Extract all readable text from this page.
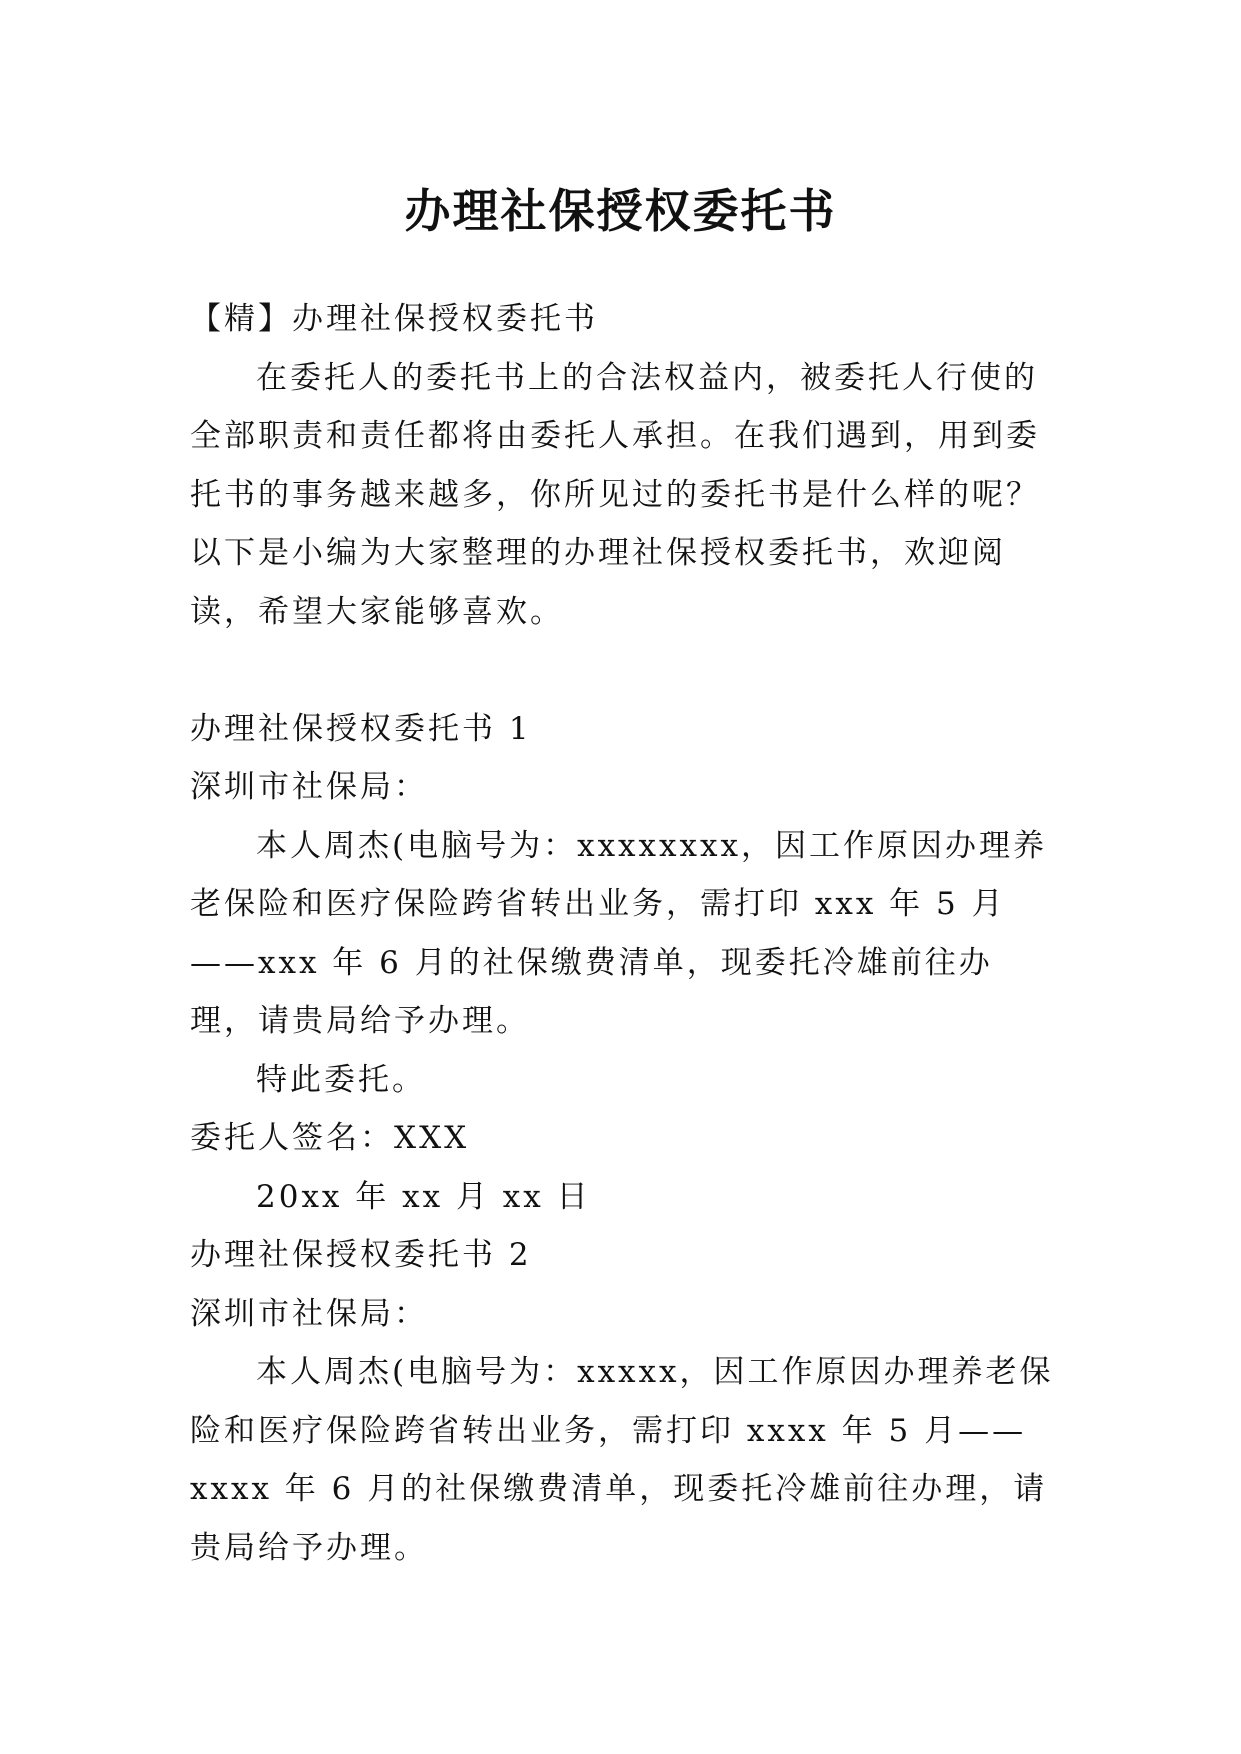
办理社保授权委托书

【精】办理社保授权委托书

在委托人的委托书上的合法权益内，被委托人行使的全部职责和责任都将由委托人承担。在我们遇到，用到委托书的事务越来越多，你所见过的委托书是什么样的呢？以下是小编为大家整理的办理社保授权委托书，欢迎阅读，希望大家能够喜欢。

办理社保授权委托书 1

深圳市社保局：

本人周杰(电脑号为：xxxxxxxx，因工作原因办理养老保险和医疗保险跨省转出业务，需打印 xxx 年 5 月——xxx 年 6 月的社保缴费清单，现委托冷雄前往办理，请贵局给予办理。

特此委托。

委托人签名：XXX

20xx 年 xx 月 xx 日

办理社保授权委托书 2

深圳市社保局：

本人周杰(电脑号为：xxxxx，因工作原因办理养老保险和医疗保险跨省转出业务，需打印 xxxx 年 5 月——xxxx 年 6 月的社保缴费清单，现委托冷雄前往办理，请贵局给予办理。
